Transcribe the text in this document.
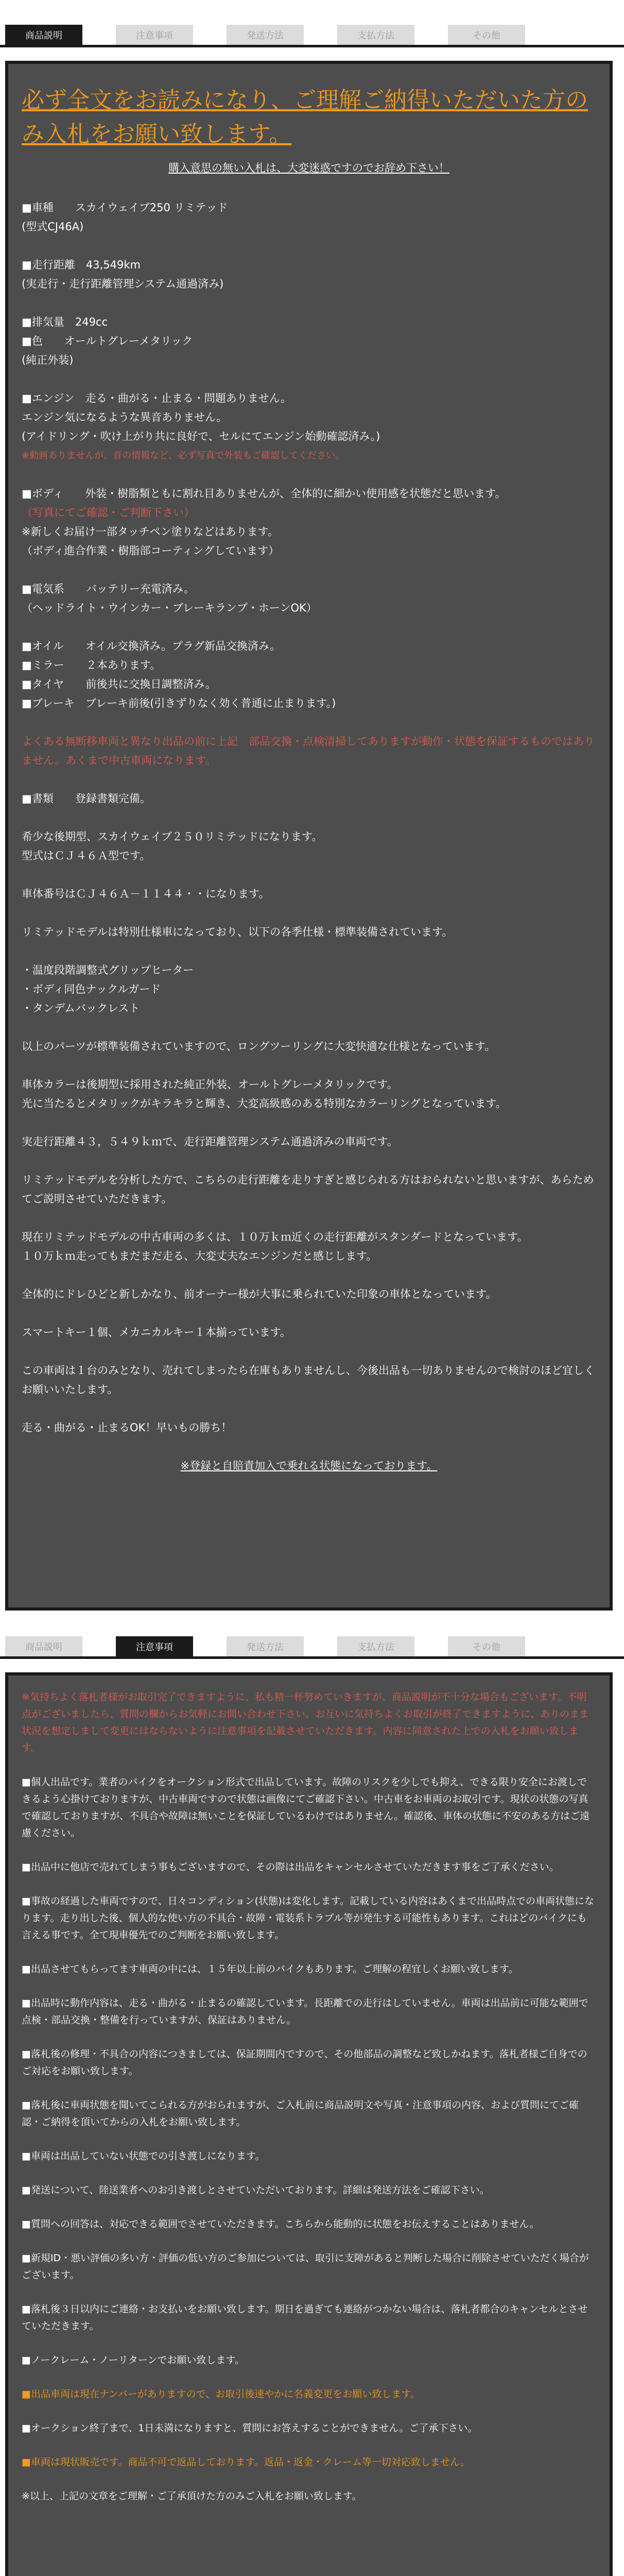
商品説明	注意事項	発送方法	支払方法	その他
必ず全文をお読みになり、ご理解ご納得いただいた方のみ入札をお願い致します。
購入意思の無い入札は、大変迷惑ですのでお辞め下さい！
■車種　　スカイウェイブ250 リミテッド
(型式CJ46A)
■走行距離　43,549km
(実走行・走行距離管理システム通過済み)
■排気量　249cc
■色　　オールトグレーメタリック
(純正外装)
■エンジン　走る・曲がる・止まる・問題ありません。
エンジン気になるような異音ありません。
(アイドリング・吹け上がり共に良好で、セルにてエンジン始動確認済み。)
※動画ありませんが、音の情報など、必ず写真で外装もご確認してください。
■ボディ　　外装・樹脂類ともに割れ目ありませんが、全体的に細かい使用感を状態だと思います。
（写真にてご確認・ご判断下さい）
※新しくお届け一部タッチペン塗りなどはあります。
（ボディ進合作業・樹脂部コーティングしています）
■電気系　　バッテリー充電済み。
（ヘッドライト・ウインカー・ブレーキランプ・ホーンOK）
■オイル　　オイル交換済み。プラグ新品交換済み。
■ミラー　　２本あります。
■タイヤ　　前後共に交換日調整済み。
■ブレーキ　ブレーキ前後(引きずりなく効く普通に止まります。)
よくある無断移車両と異なり出品の前に上記　部品交換・点検清掃してありますが動作・状態を保証するものではありません。あくまで中古車両になります。
■書類　　登録書類完備。
希少な後期型、スカイウェイブ２５０リミテッドになります。
型式はＣＪ４６Ａ型です。
車体番号はＣＪ４６Ａ－１１４４・・になります。
リミテッドモデルは特別仕様車になっており、以下の各季仕様・標準装備されています。
・温度段階調整式グリップヒーター
・ボディ同色ナックルガード
・タンデムバックレスト
以上のパーツが標準装備されていますので、ロングツーリングに大変快適な仕様となっています。
車体カラーは後期型に採用された純正外装、オールトグレーメタリックです。
光に当たるとメタリックがキラキラと輝き、大変高級感のある特別なカラーリングとなっています。
実走行距離４３，５４９ｋｍで、走行距離管理システム通過済みの車両です。
リミテッドモデルを分析した方で、こちらの走行距離を走りすぎと感じられる方はおられないと思いますが、あらためてご説明させていただきます。
現在リミテッドモデルの中古車両の多くは、１０万ｋｍ近くの走行距離がスタンダードとなっています。
１０万ｋｍ走ってもまだまだ走る、大変丈夫なエンジンだと感じします。
全体的にドレひどと新しかなり、前オーナー様が大事に乗られていた印象の車体となっています。
スマートキー１個、メカニカルキー１本揃っています。
この車両は１台のみとなり、売れてしまったら在庫もありませんし、今後出品も一切ありませんので検討のほど宜しくお願いいたします。
走る・曲がる・止まるOK！早いもの勝ち！
※登録と自賠責加入で乗れる状態になっております。
商品説明	注意事項	発送方法	支払方法	その他
※気持ちよく落札者様がお取引完了できますように、私も精一杯努めていきますが、商品説明が不十分な場合もございます。不明点がございましたら、質問の欄からお気軽にお問い合わせ下さい。お互いに気持ちよくお取引が終了できますように、ありのまま状況を想定しまして変更にはならないように注意事項を記載させていただきます。内容に同意された上での入札をお願い致します。
■個人出品です。業者のバイクをオークション形式で出品しています。故障のリスクを少しでも抑え、できる限り安全にお渡しできるよう心掛けておりますが、中古車両ですので状態は画像にてご確認下さい。中古車をお車両のお取引です。現状の状態の写真で確認しておりますが、不具合や故障は無いことを保証しているわけではありません。確認後、車体の状態に不安のある方はご遠慮ください。
■出品中に他店で売れてしまう事もございますので、その際は出品をキャンセルさせていただきます事をご了承ください。
■事故の経過した車両ですので、日々コンディション(状態)は変化します。記載している内容はあくまで出品時点での車両状態になります。走り出した後、個人的な使い方の不具合・故障・電装系トラブル等が発生する可能性もあります。これはどのバイクにも言える事です。全て現車優先でのご判断をお願い致します。
■出品させてもらってます車両の中には、１５年以上前のバイクもあります。ご理解の程宜しくお願い致します。
■出品時に動作内容は、走る・曲がる・止まるの確認しています。長距離での走行はしていません。車両は出品前に可能な範囲で点検・部品交換・整備を行っていますが、保証はありません。
■落札後の修理・不具合の内容につきましては、保証期間内ですので、その他部品の調整など致しかねます。落札者様ご自身でのご対応をお願い致します。
■落札後に車両状態を聞いてこられる方がおられますが、ご入札前に商品説明文や写真・注意事項の内容、および質問にてご確認・ご納得を頂いてからの入札をお願い致します。
■車両は出品していない状態での引き渡しになります。
■発送について、陸送業者へのお引き渡しとさせていただいております。詳細は発送方法をご確認下さい。
■質問への回答は、対応できる範囲でさせていただきます。こちらから能動的に状態をお伝えすることはありません。
■新規ID・悪い評価の多い方・評価の低い方のご参加については、取引に支障があると判断した場合に削除させていただく場合がございます。
■落札後３日以内にご連絡・お支払いをお願い致します。期日を過ぎても連絡がつかない場合は、落札者都合のキャンセルとさせていただきます。
■ノークレーム・ノーリターンでお願い致します。
■出品車両は現在ナンバーがありますので、お取引後速やかに名義変更をお願い致します。
■オークション終了まで、1日未満になりますと、質問にお答えすることができません。ご了承下さい。
■車両は現状販売です。商品不可で返品しております。返品・返金・クレーム等一切対応致しません。
※以上、上記の文章をご理解・ご了承頂けた方のみご入札をお願い致します。
